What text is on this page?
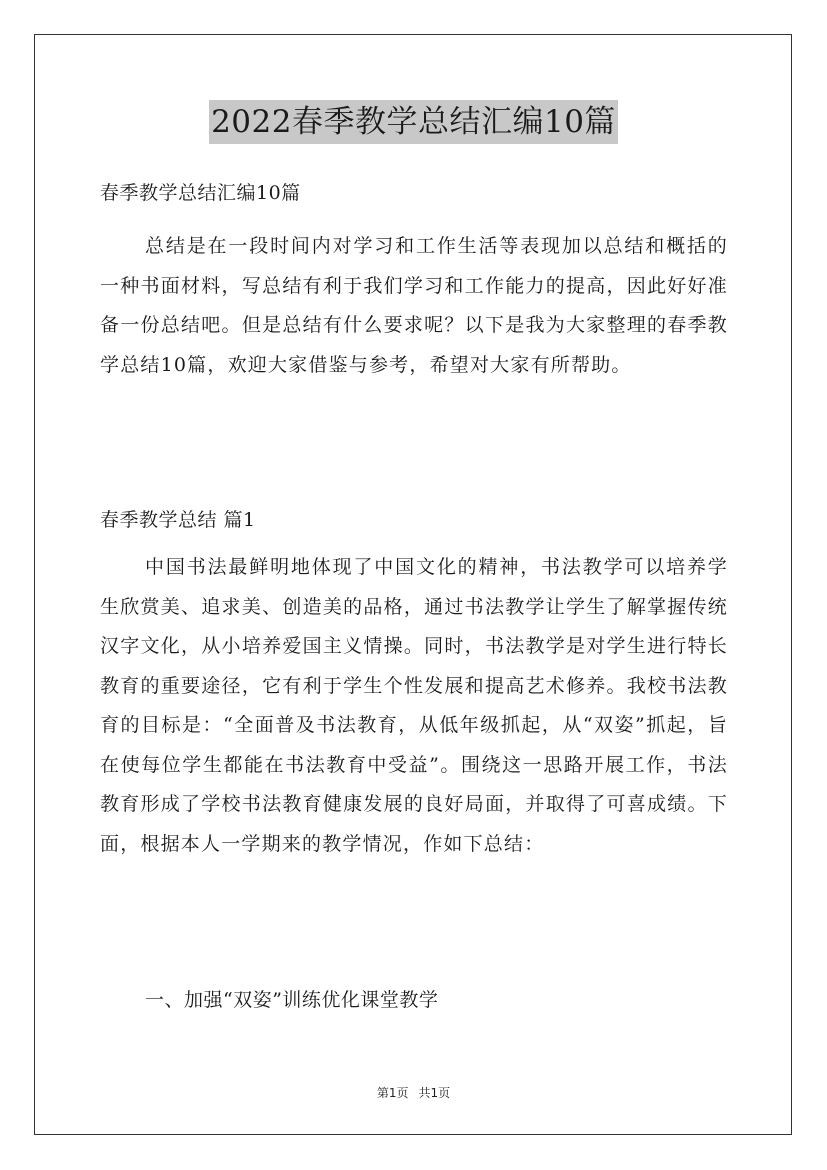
2022春季教学总结汇编10篇

春季教学总结汇编10篇

总结是在一段时间内对学习和工作生活等表现加以总结和概括的一种书面材料，写总结有利于我们学习和工作能力的提高，因此好好准备一份总结吧。但是总结有什么要求呢？以下是我为大家整理的春季教学总结10篇，欢迎大家借鉴与参考，希望对大家有所帮助。

春季教学总结 篇1

中国书法最鲜明地体现了中国文化的精神，书法教学可以培养学生欣赏美、追求美、创造美的品格，通过书法教学让学生了解掌握传统汉字文化，从小培养爱国主义情操。同时，书法教学是对学生进行特长教育的重要途径，它有利于学生个性发展和提高艺术修养。我校书法教育的目标是：“全面普及书法教育，从低年级抓起，从“双姿”抓起，旨在使每位学生都能在书法教育中受益”。围绕这一思路开展工作，书法教育形成了学校书法教育健康发展的良好局面，并取得了可喜成绩。下面，根据本人一学期来的教学情况，作如下总结：

一、加强“双姿”训练优化课堂教学

第1页 共1页
